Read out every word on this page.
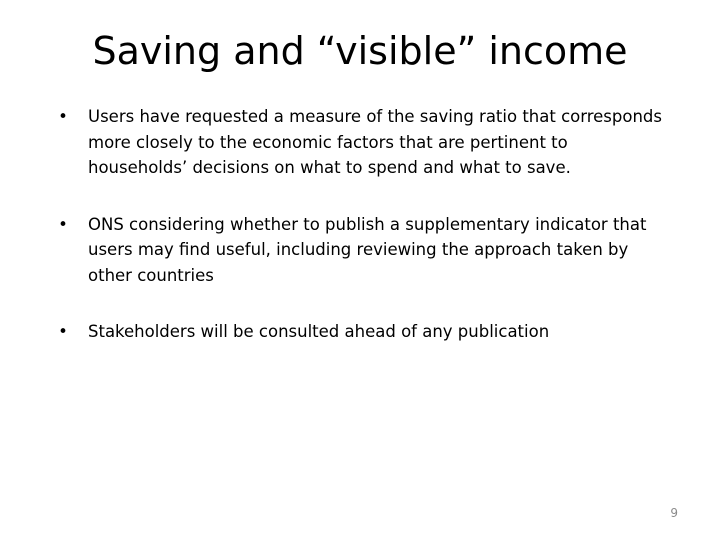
Saving and “visible” income
• Users have requested a measure of the saving ratio that corresponds more closely to the economic factors that are pertinent to households’ decisions on what to spend and what to save.
• ONS considering whether to publish a supplementary indicator that users may find useful, including reviewing the approach taken by other countries
• Stakeholders will be consulted ahead of any publication
9
